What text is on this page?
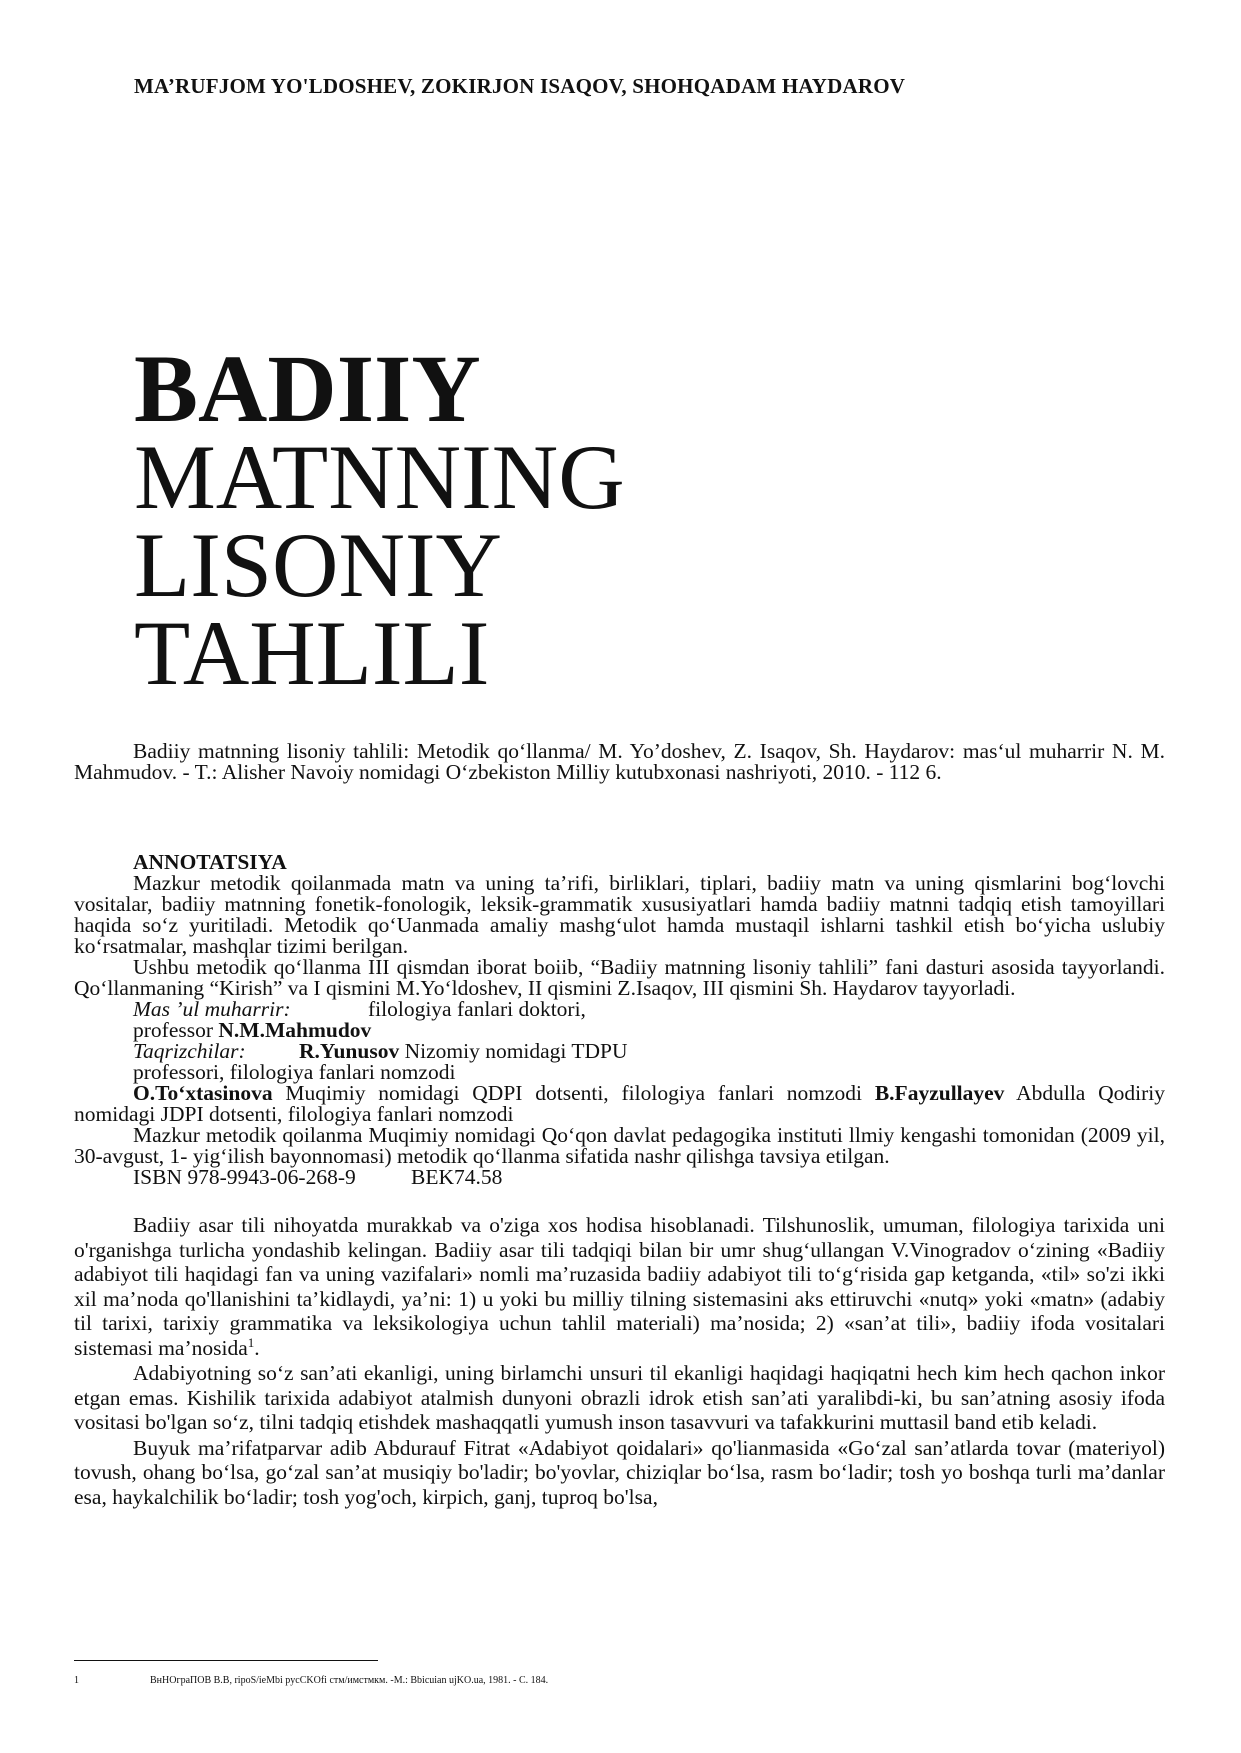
MA’RUFJOM YO'LDOSHEV, ZOKIRJON ISAQOV, SHOHQADAM HAYDAROV
BADIIY
MATNNING
LISONIY
TAHLILI

Badiiy matnning lisoniy tahlili: Metodik qo‘llanma/ M. Yo’doshev, Z. Isaqov, Sh. Haydarov: mas‘ul muharrir N. M. Mahmudov. - T.: Alisher Navoiy nomidagi O‘zbekiston Milliy kutubxonasi nashriyoti, 2010. - 112 6.

ANNOTATSIYA

Mazkur metodik qoilanmada matn va uning ta’rifi, birliklari, tiplari, badiiy matn va uning qismlarini bog‘lovchi vositalar, badiiy matnning fonetik-fonologik, leksik-grammatik xususiyatlari hamda badiiy matnni tadqiq etish tamoyillari haqida so‘z yuritiladi. Metodik qo‘Uanmada amaliy mashg‘ulot hamda mustaqil ishlarni tashkil etish bo‘yicha uslubiy ko‘rsatmalar, mashqlar tizimi berilgan.

Ushbu metodik qo‘llanma III qismdan iborat boiib, “Badiiy matnning lisoniy tahlili” fani dasturi asosida tayyorlandi. Qo‘llanmaning “Kirish” va I qismini M.Yo‘ldoshev, II qismini Z.Isaqov, III qismini Sh. Haydarov tayyorladi.

Mas ’ul muharrir:	filologiya fanlari doktori,
professor N.M.Mahmudov
Taqrizchilar: R.Yunusov Nizomiy nomidagi TDPU
professori, filologiya fanlari nomzodi

O.To‘xtasinova Muqimiy nomidagi QDPI dotsenti, filologiya fanlari nomzodi B.Fayzullayev Abdulla Qodiriy nomidagi JDPI dotsenti, filologiya fanlari nomzodi

Mazkur metodik qoilanma Muqimiy nomidagi Qo‘qon davlat pedagogika instituti llmiy kengashi tomonidan (2009 yil, 30-avgust, 1- yig‘ilish bayonnomasi) metodik qo‘llanma sifatida nashr qilishga tavsiya etilgan.

ISBN 978-9943-06-268-9	BEK74.58

Badiiy asar tili nihoyatda murakkab va o'ziga xos hodisa hisoblanadi. Tilshunoslik, umuman, filologiya tarixida uni o'rganishga turlicha yondashib kelingan. Badiiy asar tili tadqiqi bilan bir umr shug‘ullangan V.Vinogradov o‘zining «Badiiy adabiyot tili haqidagi fan va uning vazifalari» nomli ma’ruzasida badiiy adabiyot tili to‘g‘risida gap ketganda, «til» so'zi ikki xil ma’noda qo'llanishini ta’kidlaydi, ya’ni: 1) u yoki bu milliy tilning sistemasini aks ettiruvchi «nutq» yoki «matn» (adabiy til tarixi, tarixiy grammatika va leksikologiya uchun tahlil materiali) ma’nosida; 2) «san’at tili», badiiy ifoda vositalari sistemasi ma’nosida$^1$.

Adabiyotning so‘z san’ati ekanligi, uning birlamchi unsuri til ekanligi haqidagi haqiqatni hech kim hech qachon inkor etgan emas. Kishilik tarixida adabiyot atalmish dunyoni obrazli idrok etish san’ati yaralibdi-ki, bu san’atning asosiy ifoda vositasi bo'lgan so‘z, tilni tadqiq etishdek mashaqqatli yumush inson tasavvuri va tafakkurini muttasil band etib keladi.

Buyuk ma’rifatparvar adib Abdurauf Fitrat «Adabiyot qoidalari» qo'lianmasida «Go‘zal san’atlarda tovar (materiyol) tovush, ohang bo‘lsa, go‘zal san’at musiqiy bo'ladir; bo'yovlar, chiziqlar bo‘lsa, rasm bo‘ladir; tosh yo boshqa turli ma’danlar esa, haykalchilik bo‘ladir; tosh yog'och, kirpich, ganj, tuproq bo'lsa,

1	ВнНОграПОВ В.В, ripoS/ieMbi pycCKOfi стм/имстмкм. -М.: Bbicuian ujKO.ua, 1981. - С. 184.
